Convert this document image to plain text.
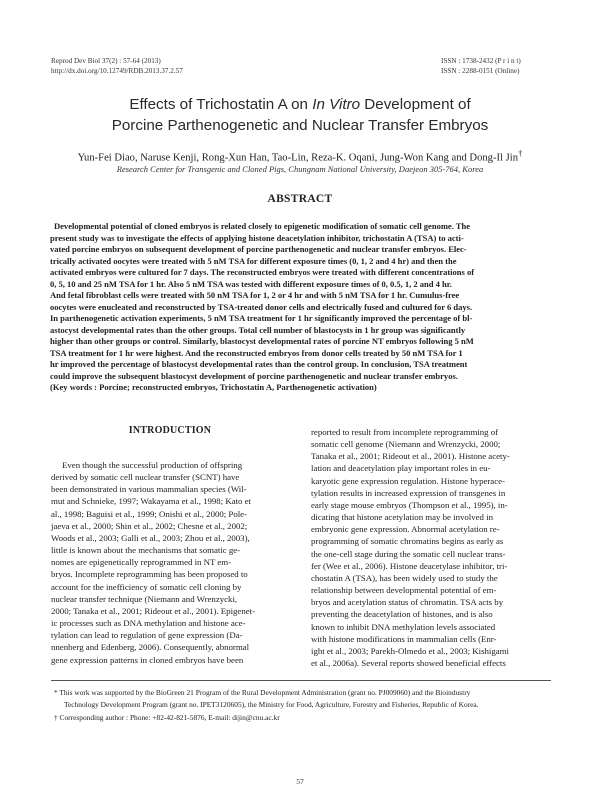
Reprod Dev Biol 37(2) : 57-64 (2013)
http://dx.doi.org/10.12749/RDB.2013.37.2.57
ISSN : 1738-2432 (P r i n t)
ISSN : 2288-0151 (Online)
Effects of Trichostatin A on In Vitro Development of
Porcine Parthenogenetic and Nuclear Transfer Embryos
Yun-Fei Diao, Naruse Kenji, Rong-Xun Han, Tao-Lin, Reza-K. Oqani, Jung-Won Kang and Dong-Il Jin†
Research Center for Transgenic and Cloned Pigs, Chungnam National University, Daejeon 305-764, Korea
ABSTRACT
Developmental potential of cloned embryos is related closely to epigenetic modification of somatic cell genome. The
present study was to investigate the effects of applying histone deacetylation inhibitor, trichostatin A (TSA) to acti-
vated porcine embryos on subsequent development of porcine parthenogenetic and nuclear transfer embryos. Elec-
trically activated oocytes were treated with 5 nM TSA for different exposure times (0, 1, 2 and 4 hr) and then the
activated embryos were cultured for 7 days. The reconstructed embryos were treated with different concentrations of
0, 5, 10 and 25 nM TSA for 1 hr. Also 5 nM TSA was tested with different exposure times of 0, 0.5, 1, 2 and 4 hr.
And fetal fibroblast cells were treated with 50 nM TSA for 1, 2 or 4 hr and with 5 nM TSA for 1 hr. Cumulus-free
oocytes were enucleated and reconstructed by TSA-treated donor cells and electrically fused and cultured for 6 days.
In parthenogenetic activation experiments, 5 nM TSA treatment for 1 hr significantly improved the percentage of bl-
astocyst developmental rates than the other groups. Total cell number of blastocysts in 1 hr group was significantly
higher than other groups or control. Similarly, blastocyst developmental rates of porcine NT embryos following 5 nM
TSA treatment for 1 hr were highest. And the reconstructed embryos from donor cells treated by 50 nM TSA for 1
hr improved the percentage of blastocyst developmental rates than the control group. In conclusion, TSA treatment
could improve the subsequent blastocyst development of porcine parthenogenetic and nuclear transfer embryos.
(Key words : Porcine; reconstructed embryos, Trichostatin A, Parthenogenetic activation)
INTRODUCTION
Even though the successful production of offspring
derived by somatic cell nuclear transfer (SCNT) have
been demonstrated in various mammalian species (Wil-
mut and Schnieke, 1997; Wakayama et al., 1998; Kato et
al., 1998; Baguisi et al., 1999; Onishi et al., 2000; Pole-
jaeva et al., 2000; Shin et al., 2002; Chesne et al., 2002;
Woods et al., 2003; Galli et al., 2003; Zhou et al., 2003),
little is known about the mechanisms that somatic ge-
nomes are epigenetically reprogrammed in NT em-
bryos. Incomplete reprogramming has been proposed to
account for the inefficiency of somatic cell cloning by
nuclear transfer technique (Niemann and Wrenzycki,
2000; Tanaka et al., 2001; Rideout et al., 2001). Epigenet-
ic processes such as DNA methylation and histone ace-
tylation can lead to regulation of gene expression (Da-
nnenberg and Edenberg, 2006). Consequently, abnormal
gene expression patterns in cloned embryos have been
reported to result from incomplete reprogramming of
somatic cell genome (Niemann and Wrenzycki, 2000;
Tanaka et al., 2001; Rideout et al., 2001). Histone acety-
lation and deacetylation play important roles in eu-
karyotic gene expression regulation. Histone hyperace-
tylation results in increased expression of transgenes in
early stage mouse embryos (Thompson et al., 1995), in-
dicating that histone acetylation may be involved in
embryonic gene expression. Abnormal acetylation re-
programming of somatic chromatins begins as early as
the one-cell stage during the somatic cell nuclear trans-
fer (Wee et al., 2006). Histone deacetylase inhibitor, tri-
chostatin A (TSA), has been widely used to study the
relationship between developmental potential of em-
bryos and acetylation status of chromatin. TSA acts by
preventing the deacetylation of histones, and is also
known to inhibit DNA methylation levels associated
with histone modifications in mammalian cells (Enr-
ight et al., 2003; Parekh-Olmedo et al., 2003; Kishigami
et al., 2006a). Several reports showed beneficial effects
* This work was supported by the BioGreen 21 Program of the Rural Development Administration (grant no. PJ009060) and the Bioindustry
Technology Development Program (grant no. IPET3120605), the Ministry for Food, Agriculture, Forestry and Fisheries, Republic of Korea.
† Corresponding author : Phone: +82-42-821-5876, E-mail: dijin@cnu.ac.kr
57
